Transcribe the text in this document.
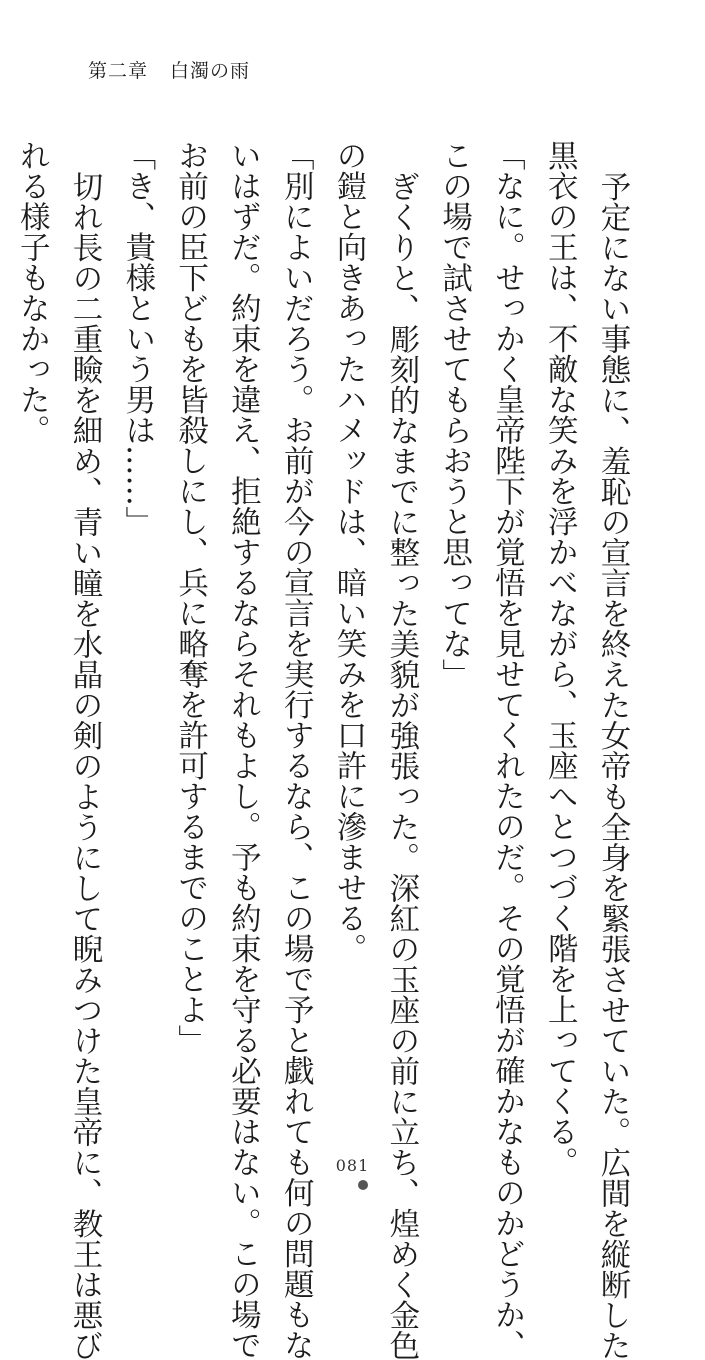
第二章 白濁の雨
予定にない事態に、羞恥の宣言を終えた女帝も全身を緊張させていた。広間を縦断した
黒衣の王は、不敵な笑みを浮かべながら、玉座へとつづく階を上ってくる。
「なに。せっかく皇帝陛下が覚悟を見せてくれたのだ。その覚悟が確かなものかどうか、
この場で試させてもらおうと思ってな」
ぎくりと、彫刻的なまでに整った美貌が強張った。深紅の玉座の前に立ち、煌めく金色
の鎧と向きあったハメッドは、暗い笑みを口許に滲ませる。
「別によいだろう。お前が今の宣言を実行するなら、この場で予と戯れても何の問題もな
いはずだ。約束を違え、拒絶するならそれもよし。予も約束を守る必要はない。この場で
お前の臣下どもを皆殺しにし、兵に略奪を許可するまでのことよ」
「き、貴様という男は……」
切れ長の二重瞼を細め、青い瞳を水晶の剣のようにして睨みつけた皇帝に、教王は悪び
れる様子もなかった。
081
